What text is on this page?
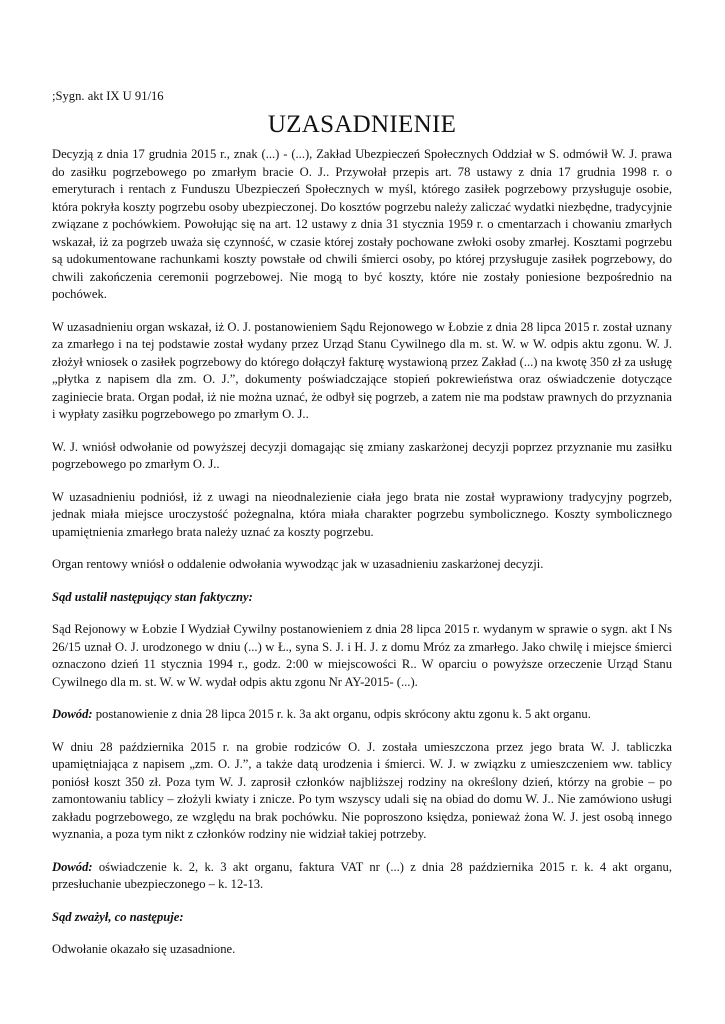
;Sygn. akt IX U 91/16

UZASADNIENIE

Decyzją z dnia 17 grudnia 2015 r., znak (...) - (...), Zakład Ubezpieczeń Społecznych Oddział w S. odmówił W. J. prawa do zasiłku pogrzebowego po zmarłym bracie O. J.. Przywołał przepis art. 78 ustawy z dnia 17 grudnia 1998 r. o emeryturach i rentach z Funduszu Ubezpieczeń Społecznych w myśl, którego zasiłek pogrzebowy przysługuje osobie, która pokryła koszty pogrzebu osoby ubezpieczonej. Do kosztów pogrzebu należy zaliczać wydatki niezbędne, tradycyjnie związane z pochówkiem. Powołując się na art. 12 ustawy z dnia 31 stycznia 1959 r. o cmentarzach i chowaniu zmarłych wskazał, iż za pogrzeb uważa się czynność, w czasie której zostały pochowane zwłoki osoby zmarłej. Kosztami pogrzebu są udokumentowane rachunkami koszty powstałe od chwili śmierci osoby, po której przysługuje zasiłek pogrzebowy, do chwili zakończenia ceremonii pogrzebowej. Nie mogą to być koszty, które nie zostały poniesione bezpośrednio na pochówek.

W uzasadnieniu organ wskazał, iż O. J. postanowieniem Sądu Rejonowego w Łobzie z dnia 28 lipca 2015 r. został uznany za zmarłego i na tej podstawie został wydany przez Urząd Stanu Cywilnego dla m. st. W. w W. odpis aktu zgonu. W. J. złożył wniosek o zasiłek pogrzebowy do którego dołączył fakturę wystawioną przez Zakład (...) na kwotę 350 zł za usługę „płytka z napisem dla zm. O. J.”, dokumenty poświadczające stopień pokrewieństwa oraz oświadczenie dotyczące zaginiecie brata. Organ podał, iż nie można uznać, że odbył się pogrzeb, a zatem nie ma podstaw prawnych do przyznania i wypłaty zasiłku pogrzebowego po zmarłym O. J..

W. J. wniósł odwołanie od powyższej decyzji domagając się zmiany zaskarżonej decyzji poprzez przyznanie mu zasiłku pogrzebowego po zmarłym O. J..

W uzasadnieniu podniósł, iż z uwagi na nieodnalezienie ciała jego brata nie został wyprawiony tradycyjny pogrzeb, jednak miała miejsce uroczystość pożegnalna, która miała charakter pogrzebu symbolicznego. Koszty symbolicznego upamiętnienia zmarłego brata należy uznać za koszty pogrzebu.

Organ rentowy wniósł o oddalenie odwołania wywodząc jak w uzasadnieniu zaskarżonej decyzji.

Sąd ustalił następujący stan faktyczny:

Sąd Rejonowy w Łobzie I Wydział Cywilny postanowieniem z dnia 28 lipca 2015 r. wydanym w sprawie o sygn. akt I Ns 26/15 uznał O. J. urodzonego w dniu (...) w Ł., syna S. J. i H. J. z domu Mróz za zmarłego. Jako chwilę i miejsce śmierci oznaczono dzień 11 stycznia 1994 r., godz. 2:00 w miejscowości R.. W oparciu o powyższe orzeczenie Urząd Stanu Cywilnego dla m. st. W. w W. wydał odpis aktu zgonu Nr AY-2015- (...).

Dowód: postanowienie z dnia 28 lipca 2015 r. k. 3a akt organu, odpis skrócony aktu zgonu k. 5 akt organu.

W dniu 28 października 2015 r. na grobie rodziców O. J. została umieszczona przez jego brata W. J. tabliczka upamiętniająca z napisem „zm. O. J.”, a także datą urodzenia i śmierci. W. J. w związku z umieszczeniem ww. tablicy poniósł koszt 350 zł. Poza tym W. J. zaprosił członków najbliższej rodziny na określony dzień, którzy na grobie – po zamontowaniu tablicy – złożyli kwiaty i znicze. Po tym wszyscy udali się na obiad do domu W. J.. Nie zamówiono usługi zakładu pogrzebowego, ze względu na brak pochówku. Nie poproszono księdza, ponieważ żona W. J. jest osobą innego wyznania, a poza tym nikt z członków rodziny nie widział takiej potrzeby.

Dowód: oświadczenie k. 2, k. 3 akt organu, faktura VAT nr (...) z dnia 28 października 2015 r. k. 4 akt organu, przesłuchanie ubezpieczonego – k. 12-13.

Sąd zważył, co następuje:

Odwołanie okazało się uzasadnione.
